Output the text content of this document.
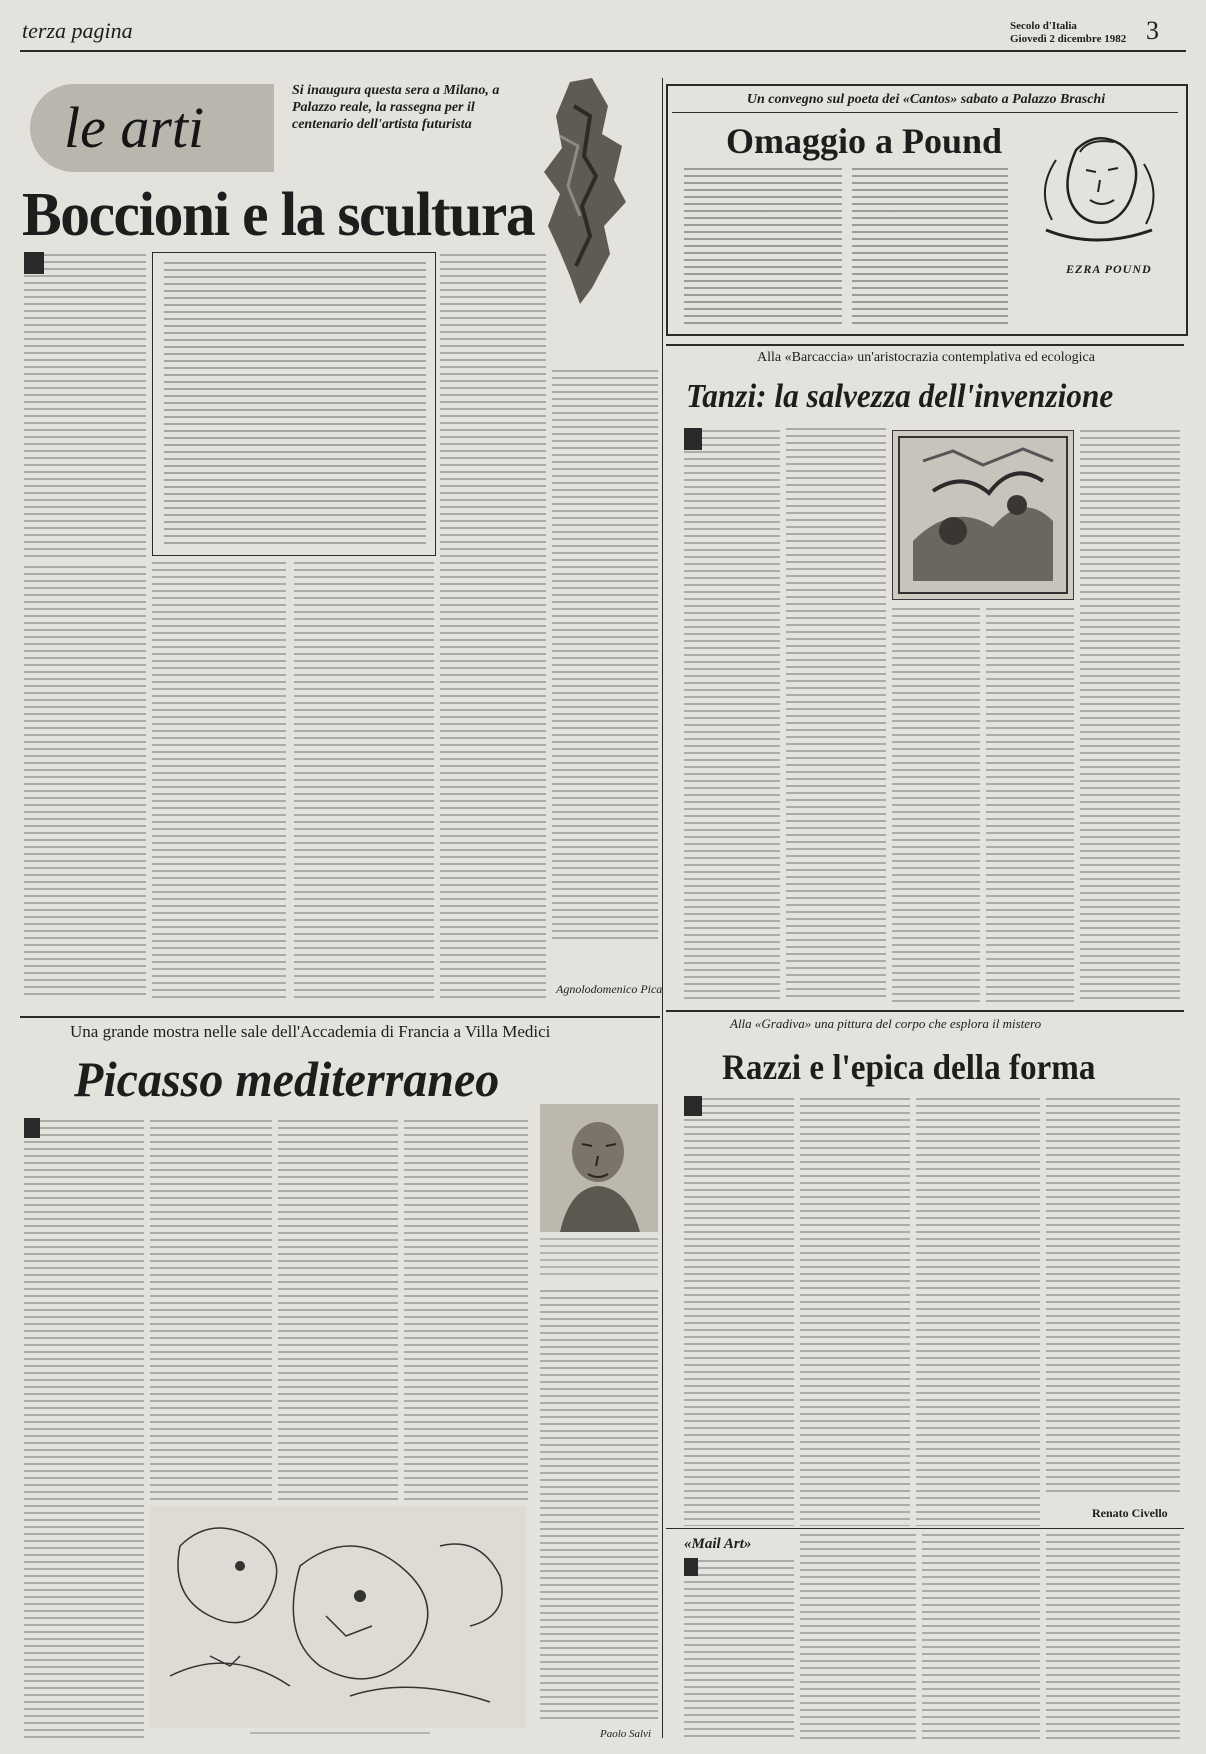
terza pagina	Secolo d'Italia
Giovedì 2 dicembre 1982 3
le arti
Si inaugura questa sera a Milano, a Palazzo reale, la rassegna per il centenario dell'artista futurista
Boccioni e la scultura
Agnolodomenico Pica
Un convegno sul poeta dei «Cantos» sabato a Palazzo Braschi
Omaggio a Pound
EZRA POUND
Alla «Barcaccia» un'aristocrazia contemplativa ed ecologica
Tanzi: la salvezza dell'invenzione
Alla «Gradiva» una pittura del corpo che esplora il mistero
Razzi e l'epica della forma
Renato Civello
«Mail Art»
Una grande mostra nelle sale dell'Accademia di Francia a Villa Medici
Picasso mediterraneo
Paolo Salvi
